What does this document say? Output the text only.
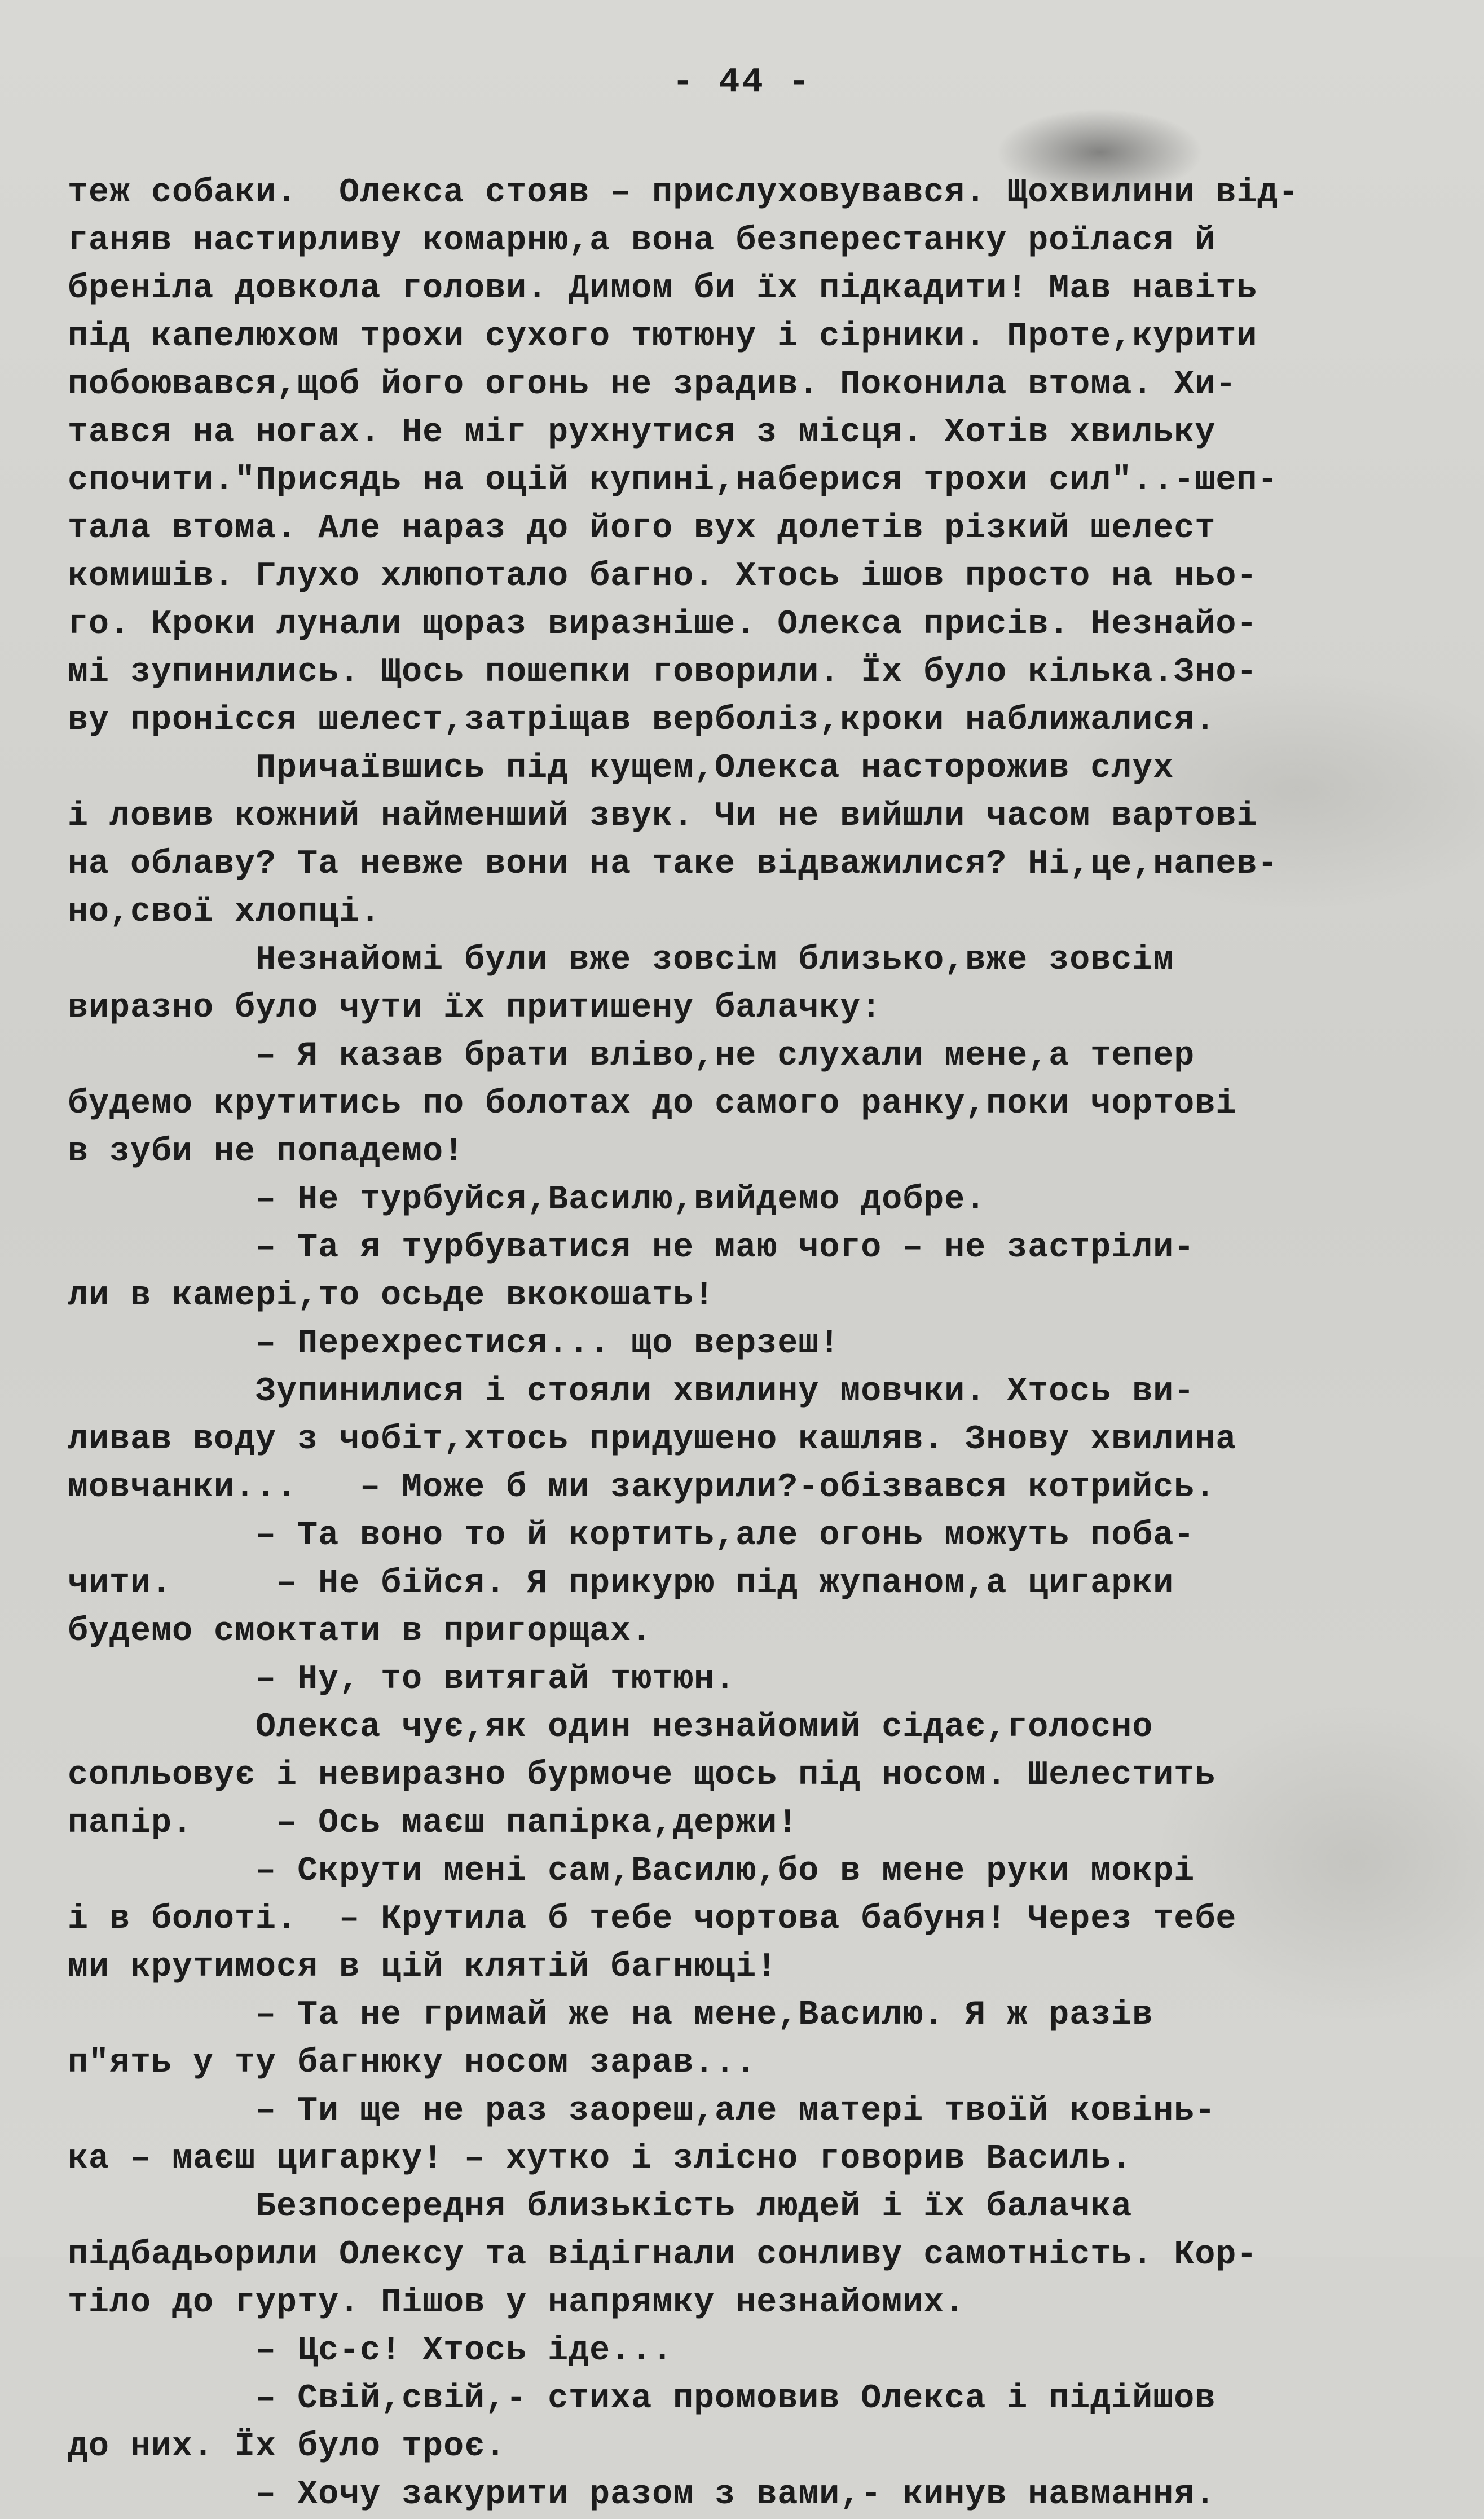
- 44 -
теж собаки.  Олекса стояв – прислуховувався. Щохвилини від-
ганяв настирливу комарню,а вона безперестанку роїлася й
бреніла довкола голови. Димом би їх підкадити! Мав навіть
під капелюхом трохи сухого тютюну і сірники. Проте,курити
побоювався,щоб його огонь не зрадив. Поконила втома. Хи-
тався на ногах. Не міг рухнутися з місця. Хотів хвильку
спочити."Присядь на оцій купині,наберися трохи сил"..-шеп-
тала втома. Але нараз до його вух долетів різкий шелест
комишів. Глухо хлюпотало багно. Хтось ішов просто на ньо-
го. Кроки лунали щораз виразніше. Олекса присів. Незнайо-
мі зупинились. Щось пошепки говорили. Їх було кілька.Зно-
ву пронісся шелест,затріщав верболіз,кроки наближалися.
Причаївшись під кущем,Олекса насторожив слух
і ловив кожний найменший звук. Чи не вийшли часом вартові
на облаву? Та невже вони на таке відважилися? Ні,це,напев-
но,свої хлопці.
Незнайомі були вже зовсім близько,вже зовсім
виразно було чути їх притишену балачку:
– Я казав брати вліво,не слухали мене,а тепер
будемо крутитись по болотах до самого ранку,поки чортові
в зуби не попадемо!
– Не турбуйся,Василю,вийдемо добре.
– Та я турбуватися не маю чого – не застріли-
ли в камері,то осьде вкокошать!
– Перехрестися... що верзеш!
Зупинилися і стояли хвилину мовчки. Хтось ви-
ливав воду з чобіт,хтось придушено кашляв. Знову хвилина
мовчанки...   – Може б ми закурили?-обізвався котрийсь.
– Та воно то й кортить,але огонь можуть поба-
чити.     – Не бійся. Я прикурю під жупаном,а цигарки
будемо смоктати в пригорщах.
– Ну, то витягай тютюн.
Олекса чує,як один незнайомий сідає,голосно
сопльовує і невиразно бурмоче щось під носом. Шелестить
папір.    – Ось маєш папірка,держи!
– Скрути мені сам,Василю,бо в мене руки мокрі
і в болоті.  – Крутила б тебе чортова бабуня! Через тебе
ми крутимося в цій клятій багнюці!
– Та не гримай же на мене,Василю. Я ж разів
п"ять у ту багнюку носом зарав...
– Ти ще не раз заореш,але матері твоїй ковінь-
ка – маєш цигарку! – хутко і злісно говорив Василь.
Безпосередня близькість людей і їх балачка
підбадьорили Олексу та відігнали сонливу самотність. Кор-
тіло до гурту. Пішов у напрямку незнайомих.
– Цс-с! Хтось іде...
– Свій,свій,- стиха промовив Олекса і підійшов
до них. Їх було троє.
– Хочу закурити разом з вами,- кинув навмання.
